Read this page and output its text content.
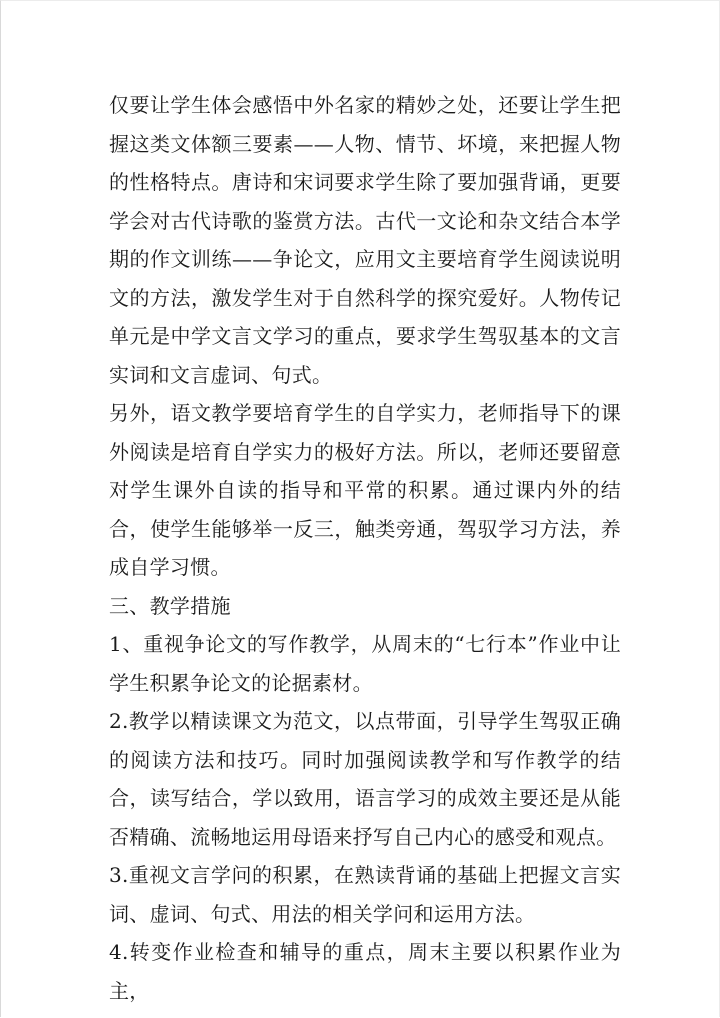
仅要让学生体会感悟中外名家的精妙之处，还要让学生把握这类文体额三要素——人物、情节、坏境，来把握人物的性格特点。唐诗和宋词要求学生除了要加强背诵，更要学会对古代诗歌的鉴赏方法。古代一文论和杂文结合本学期的作文训练——争论文，应用文主要培育学生阅读说明文的方法，激发学生对于自然科学的探究爱好。人物传记单元是中学文言文学习的重点，要求学生驾驭基本的文言实词和文言虚词、句式。

另外，语文教学要培育学生的自学实力，老师指导下的课外阅读是培育自学实力的极好方法。所以，老师还要留意对学生课外自读的指导和平常的积累。通过课内外的结合，使学生能够举一反三，触类旁通，驾驭学习方法，养成自学习惯。

三、教学措施

1、重视争论文的写作教学，从周末的“七行本”作业中让学生积累争论文的论据素材。

2.教学以精读课文为范文，以点带面，引导学生驾驭正确的阅读方法和技巧。同时加强阅读教学和写作教学的结合，读写结合，学以致用，语言学习的成效主要还是从能否精确、流畅地运用母语来抒写自己内心的感受和观点。

3.重视文言学问的积累，在熟读背诵的基础上把握文言实词、虚词、句式、用法的相关学问和运用方法。

4.转变作业检查和辅导的重点，周末主要以积累作业为主，
